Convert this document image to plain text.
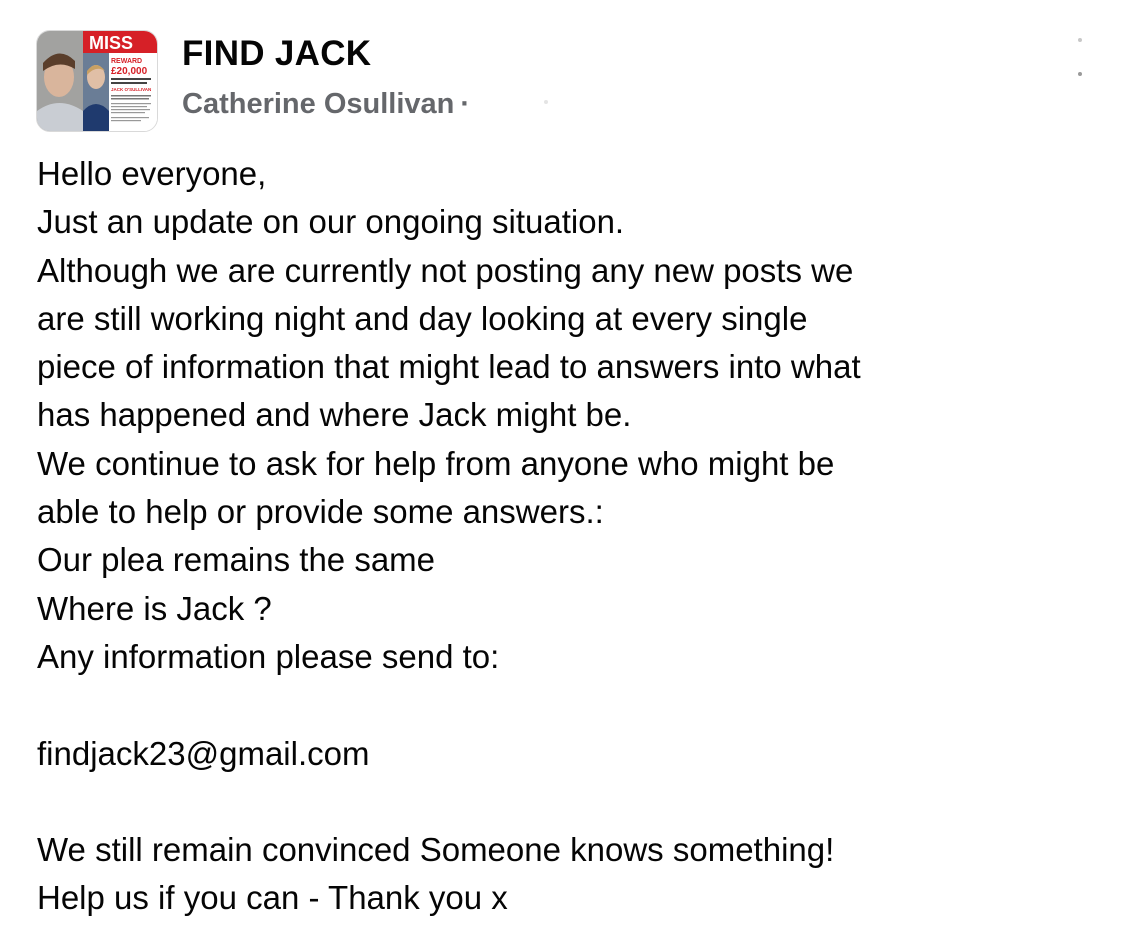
MISS
REWARD
£20,000
JACK O'SULLIVAN
FIND JACK
Catherine Osullivan ·
Hello everyone,
Just an update on our ongoing situation.
Although we are currently not posting any new posts we
are still working night and day looking at every single
piece of information that might lead to answers into what
has happened and where Jack might be.
We continue to ask for help from anyone who might be
able to help or provide some answers.:
Our plea remains the same
Where is Jack ?
Any information please send to:
findjack23@gmail.com
We still remain convinced Someone knows something!
Help us if you can - Thank you x
